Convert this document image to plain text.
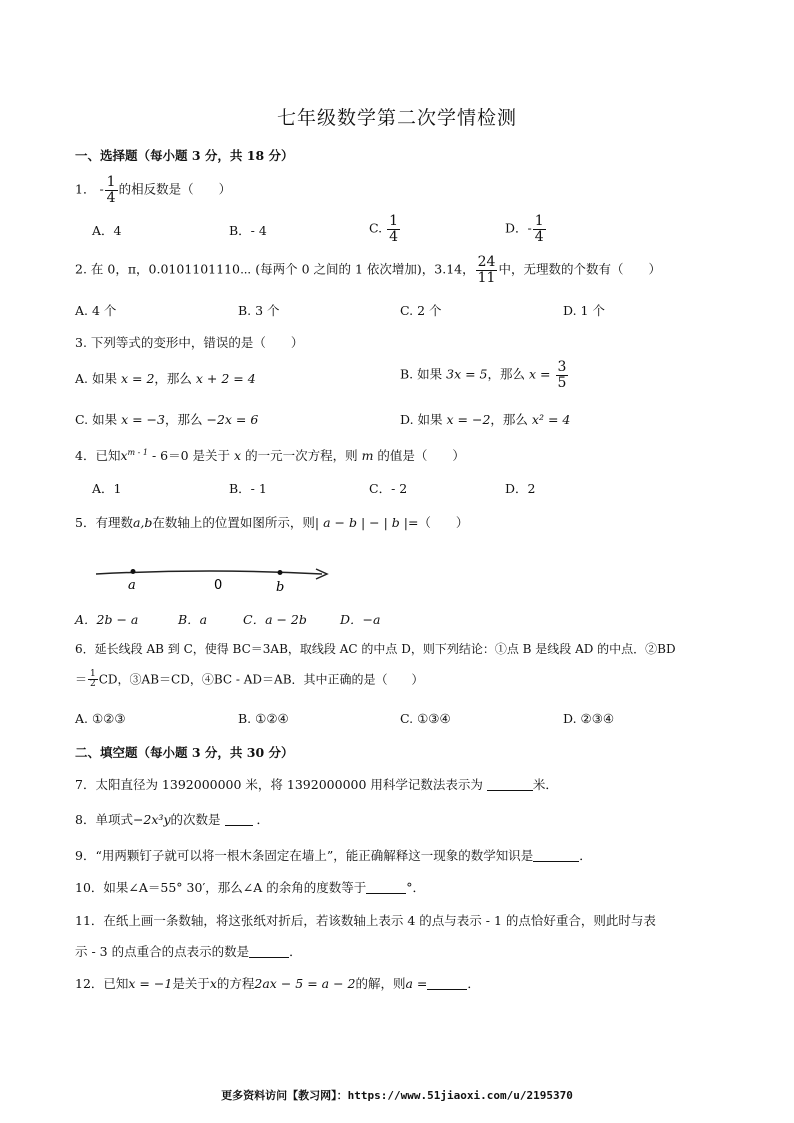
七年级数学第二次学情检测
一、选择题（每小题 3 分，共 18 分）
1． - $\frac{1}{4}$ 的相反数是（　　）
A．4	B．- 4	C. $\frac{1}{4}$	D．- $\frac{1}{4}$
2. 在 0，π，0.0101101110⋯ (每两个 0 之间的 1 依次增加)，3.14， $\frac{24}{11}$ 中，无理数的个数有（　　）
A. 4 个	B. 3 个	C. 2 个	D. 1 个
3. 下列等式的变形中，错误的是（　　）
A. 如果 x = 2，那么 x + 2 = 4	B. 如果 3x = 5，那么 $x = \frac{3}{5}$
C. 如果 x = −3，那么 −2x = 6	D. 如果 x = −2，那么 x² = 4
4．已知$x^{m - 1} - 6=0$ 是关于 x 的一元一次方程，则 m 的值是（　　）
A．1	B．- 1	C．- 2	D．2
5．有理数a,b在数轴上的位置如图所示，则| a − b | − | b |=（　　）
a	0	b
A．2b − a	B．a	C．a − 2b	D．−a
6．延长线段 AB 到 C，使得 BC＝3AB，取线段 AC 的中点 D，则下列结论：①点 B 是线段 AD 的中点．②BD
＝ $\frac{1}{2}$ CD，③AB＝CD，④BC - AD＝AB．其中正确的是（　　）
A. ①②③	B. ①②④	C. ①③④	D. ②③④
二、填空题（每小题 3 分，共 30 分）
7．太阳直径为 1392000000 米，将 1392000000 用科学记数法表示为	米．
8．单项式−2x³y的次数是	．
9．“用两颗钉子就可以将一根木条固定在墙上”，能正确解释这一现象的数学知识是	．
10．如果∠A＝55° 30′，那么∠A 的余角的度数等于	°．
11．在纸上画一条数轴，将这张纸对折后，若该数轴上表示 4 的点与表示 - 1 的点恰好重合，则此时与表
示 - 3 的点重合的点表示的数是	．
12．已知x = −1是关于x的方程2ax − 5 = a − 2的解，则a =	．
更多资料访问【教习网】：https://www.51jiaoxi.com/u/2195370
